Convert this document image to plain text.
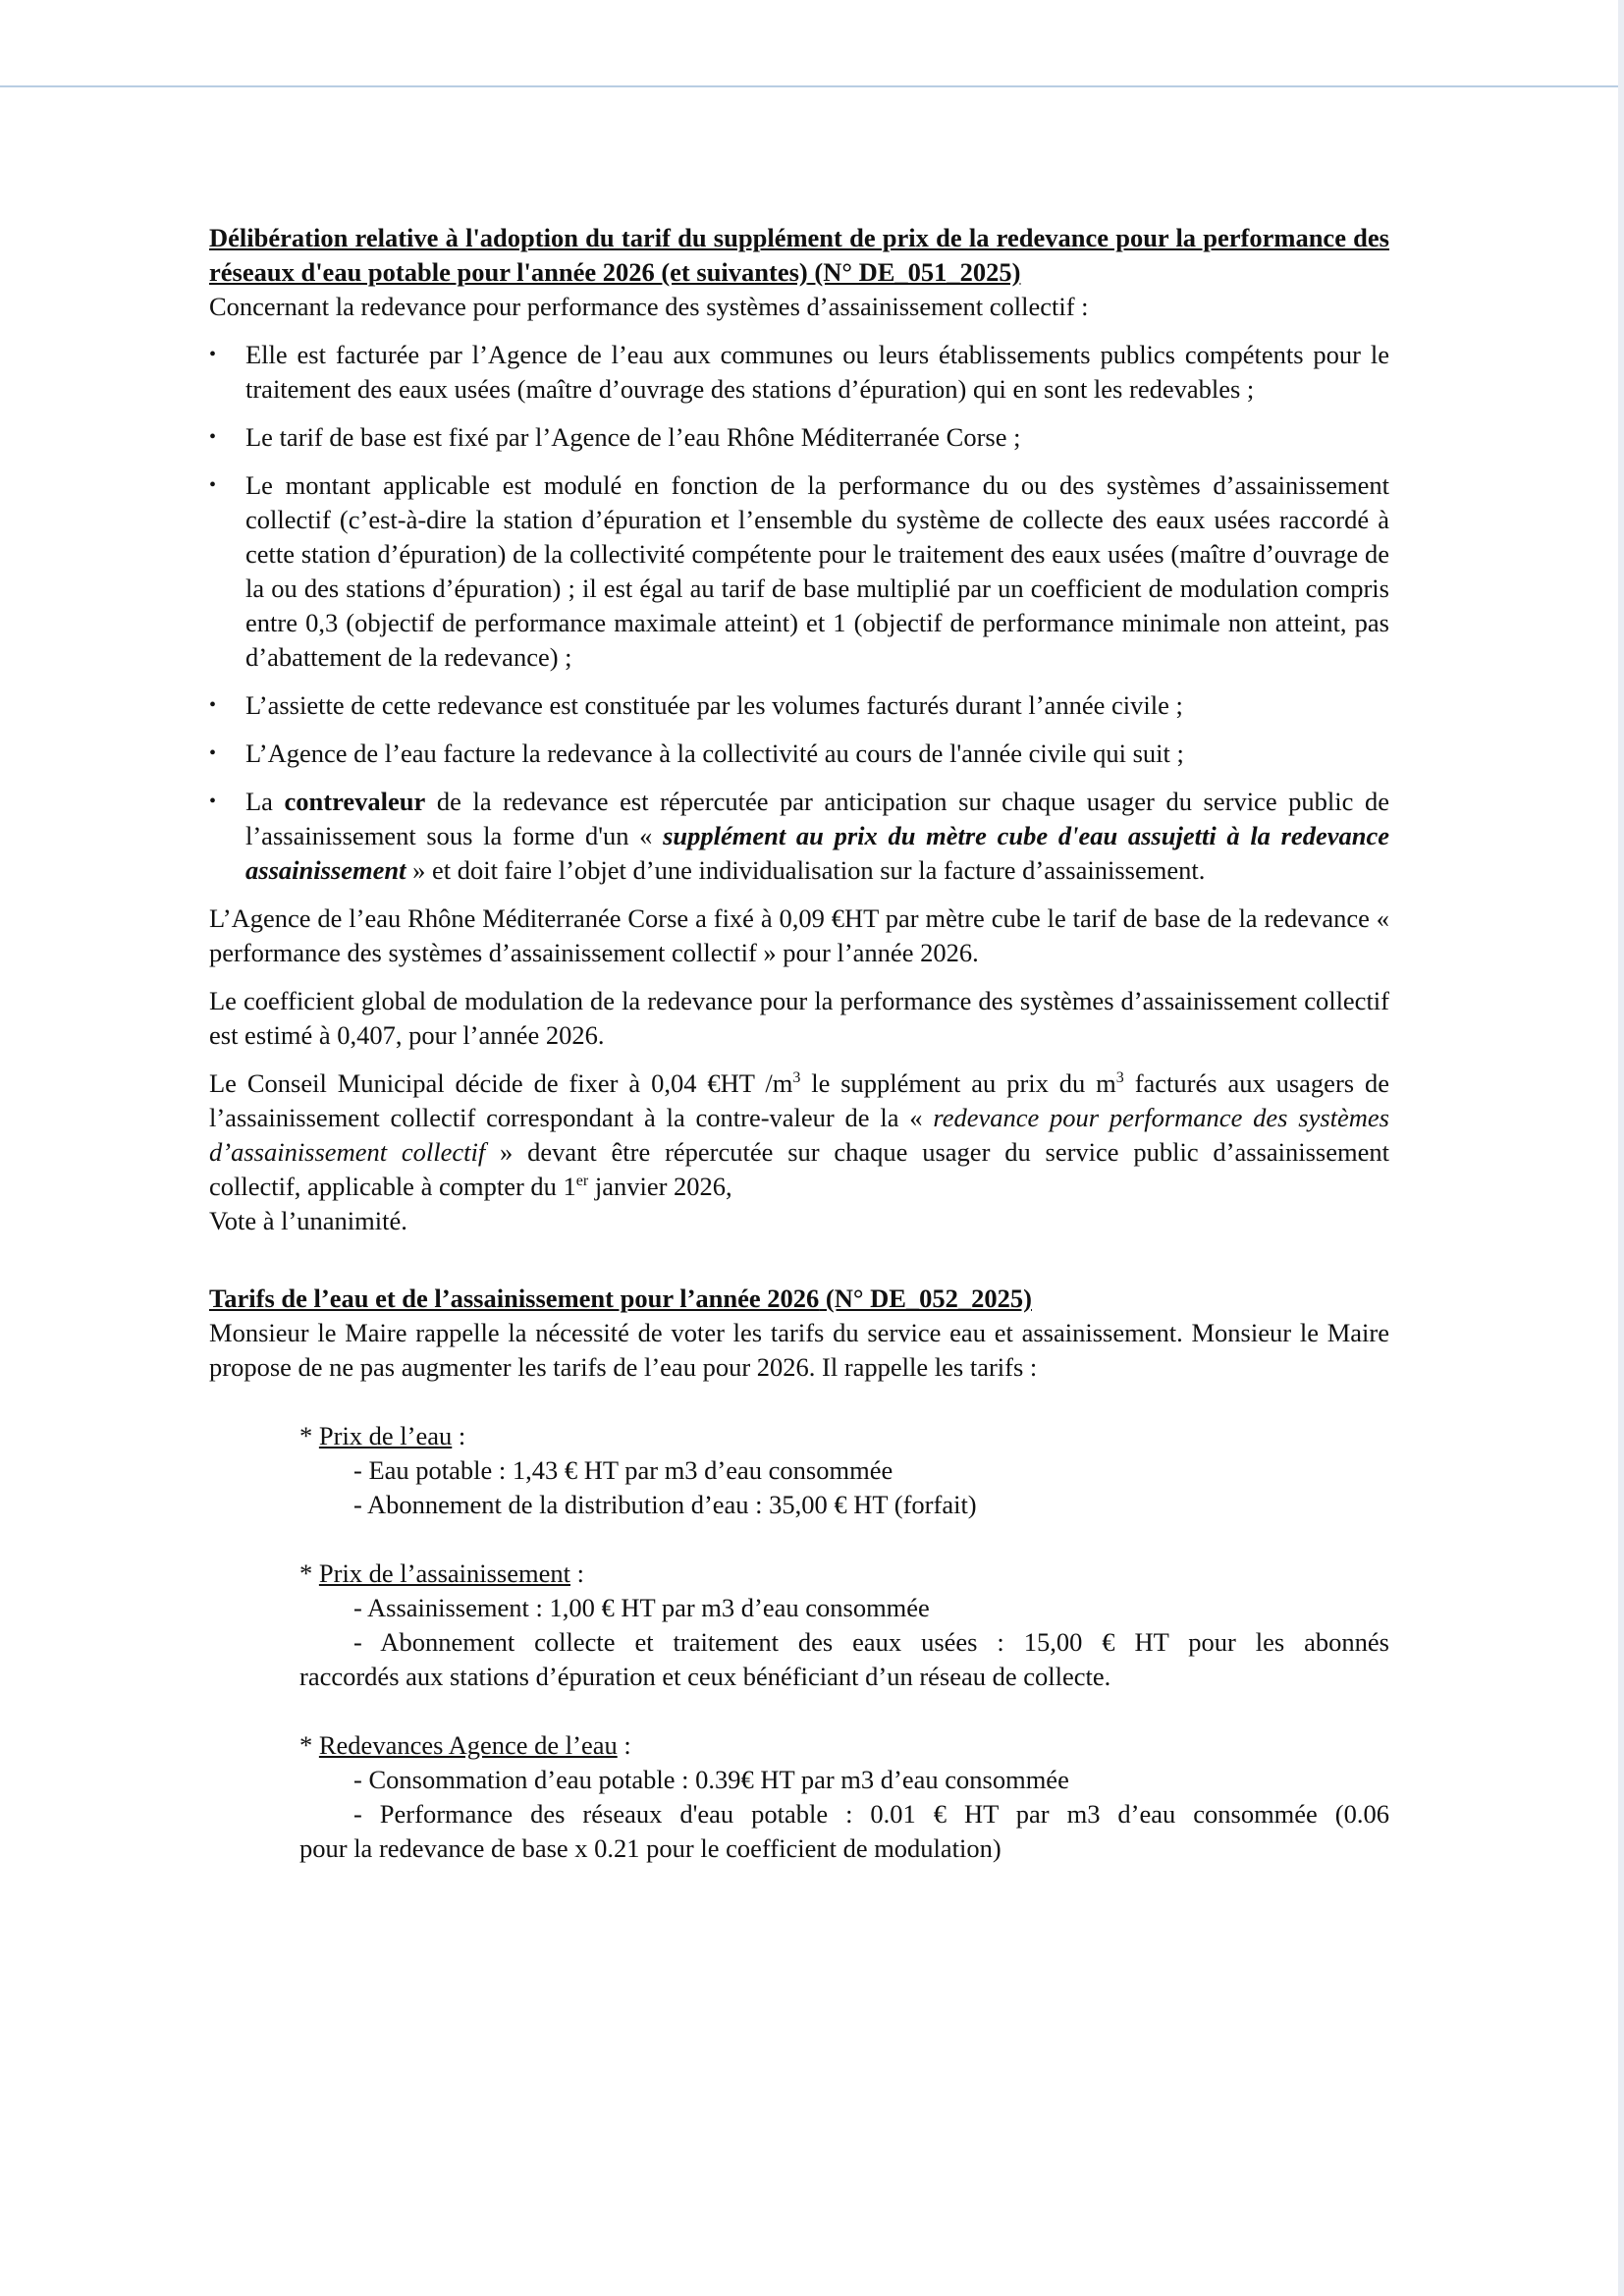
Délibération relative à l'adoption du tarif du supplément de prix de la redevance pour la performance des réseaux d'eau potable pour l'année 2026 (et suivantes) (N° DE_051_2025)

Concernant la redevance pour performance des systèmes d’assainissement collectif :

• Elle est facturée par l’Agence de l’eau aux communes ou leurs établissements publics compétents pour le traitement des eaux usées (maître d’ouvrage des stations d’épuration) qui en sont les redevables ;
• Le tarif de base est fixé par l’Agence de l’eau Rhône Méditerranée Corse ;
• Le montant applicable est modulé en fonction de la performance du ou des systèmes d’assainissement collectif (c’est-à-dire la station d’épuration et l’ensemble du système de collecte des eaux usées raccordé à cette station d’épuration) de la collectivité compétente pour le traitement des eaux usées (maître d’ouvrage de la ou des stations d’épuration) ; il est égal au tarif de base multiplié par un coefficient de modulation compris entre 0,3 (objectif de performance maximale atteint) et 1 (objectif de performance minimale non atteint, pas d’abattement de la redevance) ;
• L’assiette de cette redevance est constituée par les volumes facturés durant l’année civile ;
• L’Agence de l’eau facture la redevance à la collectivité au cours de l'année civile qui suit ;
• La contrevaleur de la redevance est répercutée par anticipation sur chaque usager du service public de l’assainissement sous la forme d'un « supplément au prix du mètre cube d'eau assujetti à la redevance assainissement » et doit faire l’objet d’une individualisation sur la facture d’assainissement.

L’Agence de l’eau Rhône Méditerranée Corse a fixé à 0,09 €HT par mètre cube le tarif de base de la redevance « performance des systèmes d’assainissement collectif » pour l’année 2026.

Le coefficient global de modulation de la redevance pour la performance des systèmes d’assainissement collectif est estimé à 0,407, pour l’année 2026.

Le Conseil Municipal décide de fixer à 0,04 €HT $/m^3$ le supplément au prix du $m^3$ facturés aux usagers de l’assainissement collectif correspondant à la contre-valeur de la « redevance pour performance des systèmes d’assainissement collectif » devant être répercutée sur chaque usager du service public d’assainissement collectif, applicable à compter du 1er janvier 2026,

Vote à l’unanimité.

Tarifs de l’eau et de l’assainissement pour l’année 2026 (N° DE_052_2025)

Monsieur le Maire rappelle la nécessité de voter les tarifs du service eau et assainissement. Monsieur le Maire propose de ne pas augmenter les tarifs de l’eau pour 2026. Il rappelle les tarifs :

* Prix de l’eau :

- Eau potable : 1,43 € HT par m3 d’eau consommée

- Abonnement de la distribution d’eau : 35,00 € HT (forfait)

* Prix de l’assainissement :

- Assainissement : 1,00 € HT par m3 d’eau consommée

- Abonnement collecte et traitement des eaux usées : 15,00 € HT pour les abonnés

raccordés aux stations d’épuration et ceux bénéficiant d’un réseau de collecte.

* Redevances Agence de l’eau :

- Consommation d’eau potable : 0.39€ HT par m3 d’eau consommée

- Performance des réseaux d'eau potable : 0.01 € HT par m3 d’eau consommée (0.06

pour la redevance de base x 0.21 pour le coefficient de modulation)
